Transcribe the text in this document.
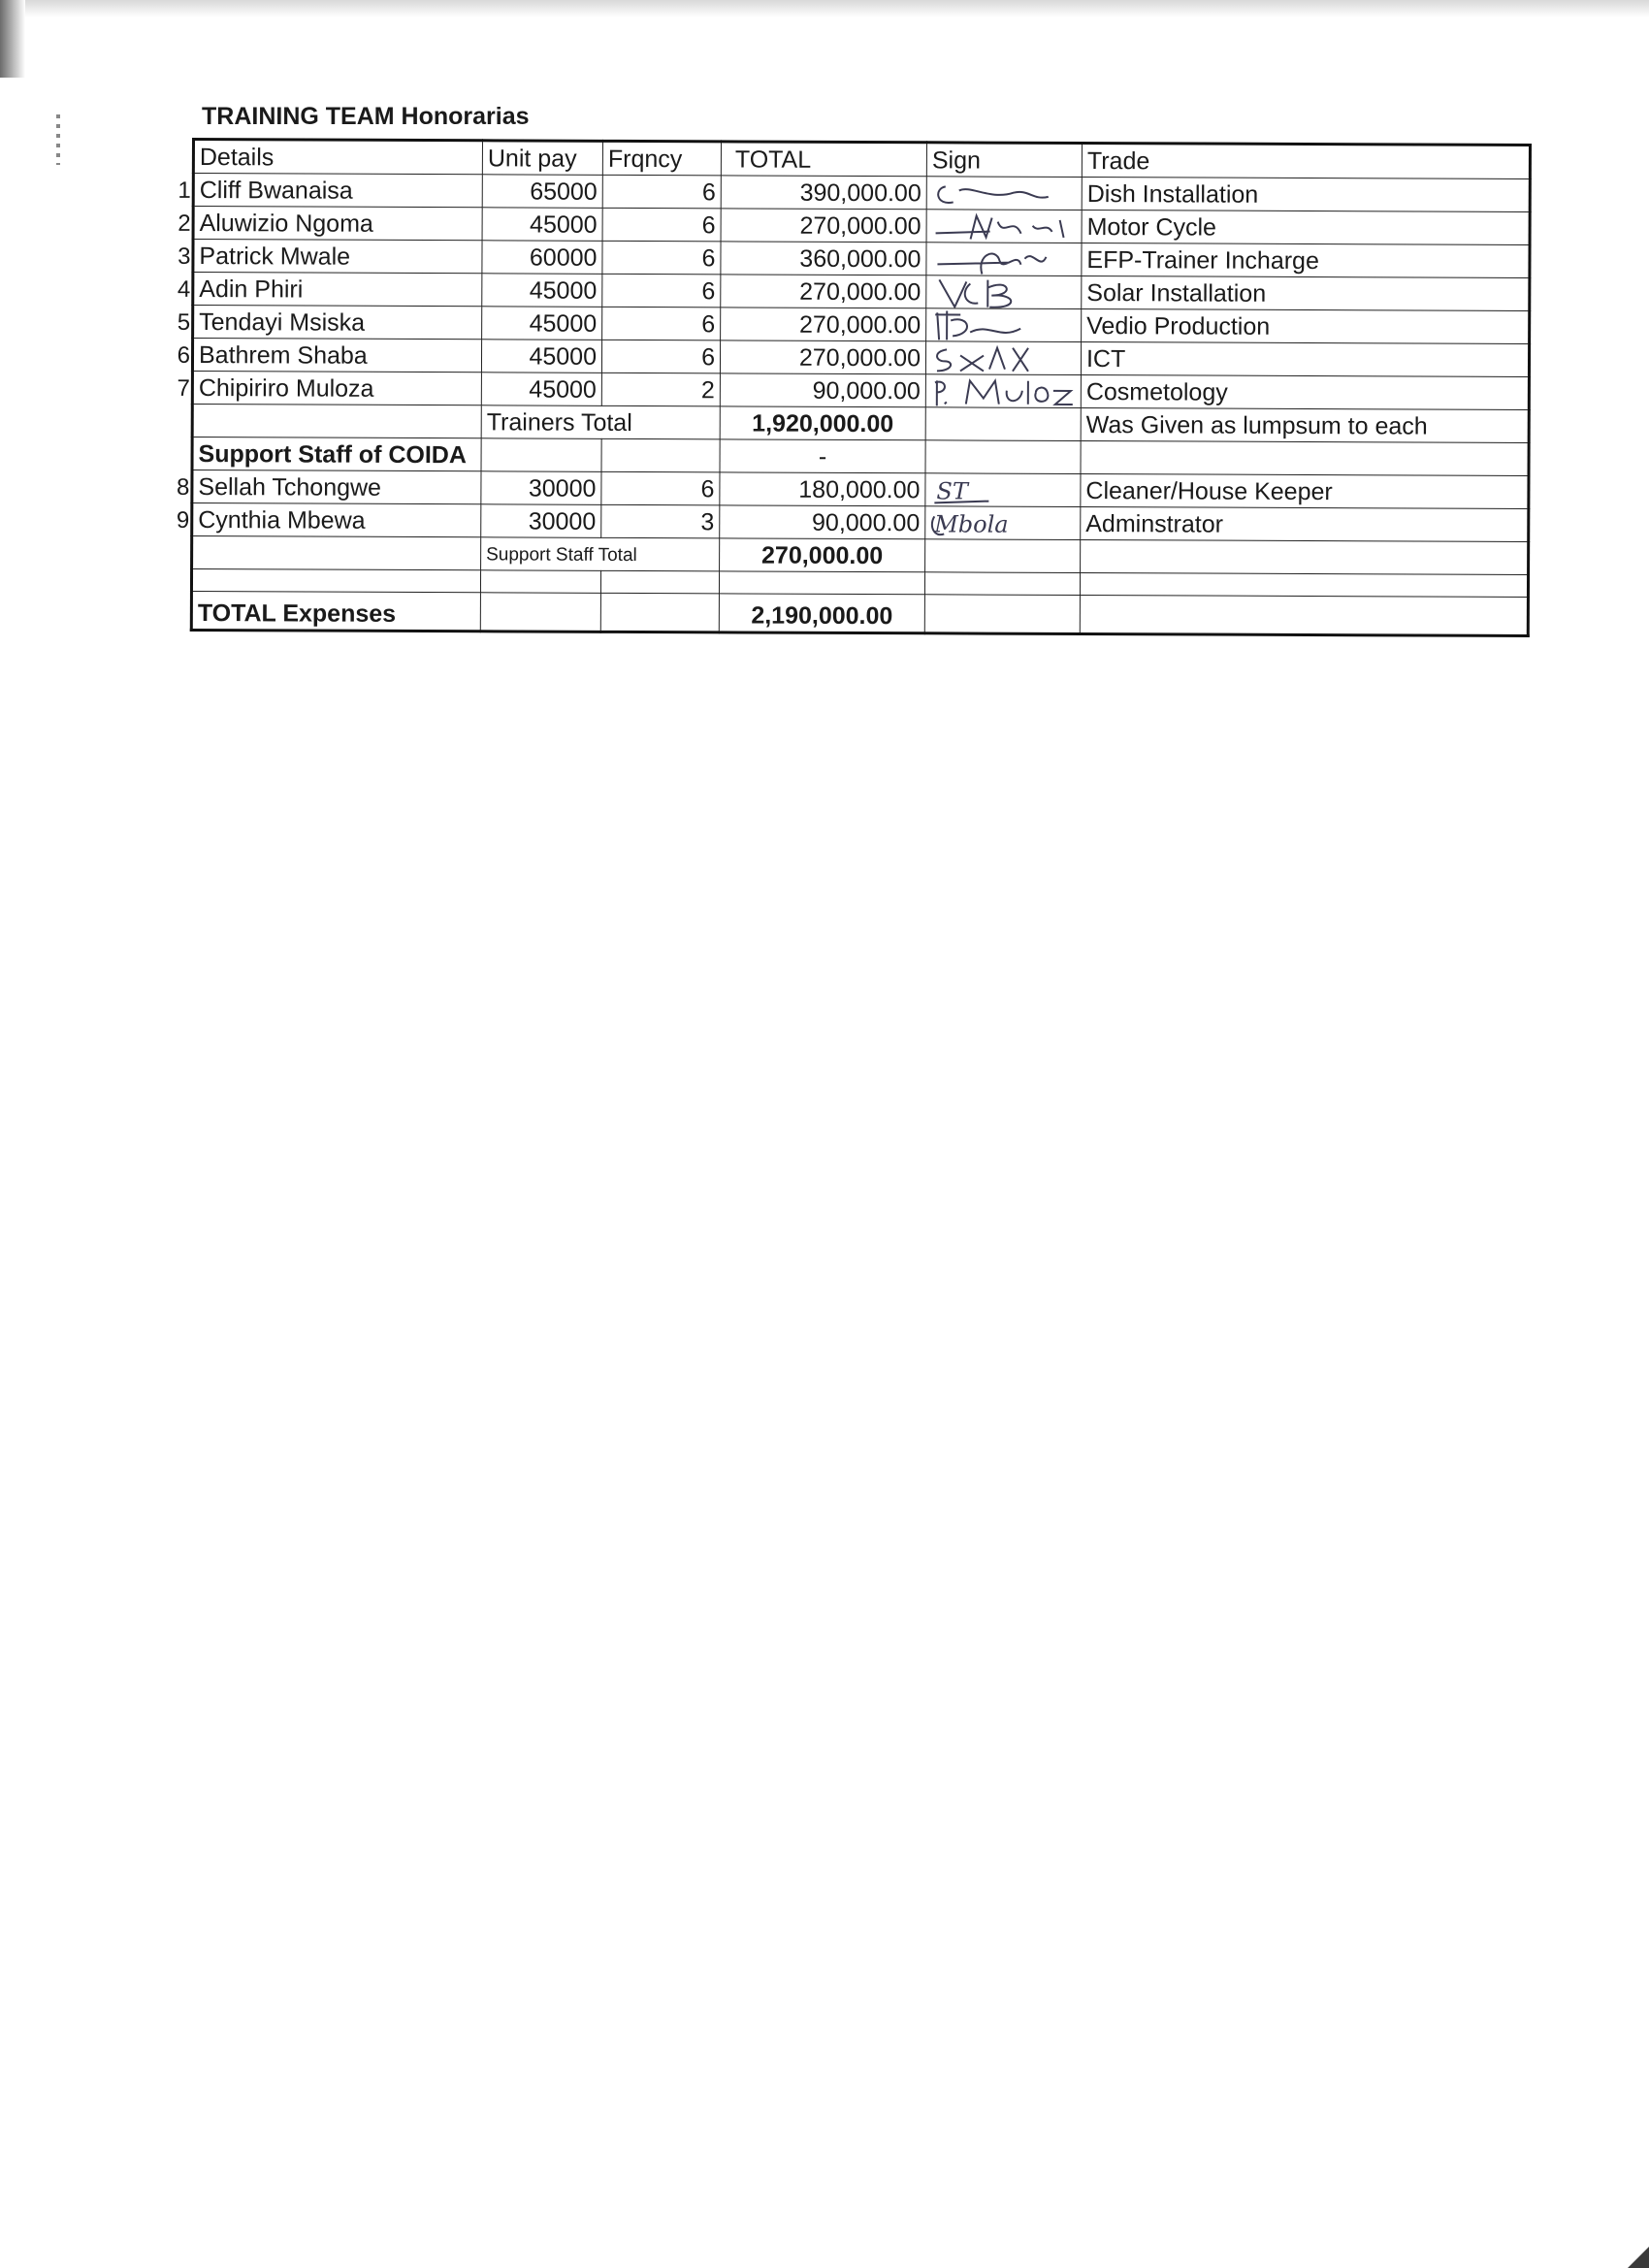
TRAINING TEAM Honorarias
Details	Unit pay	Frqncy	TOTAL	Sign	Trade

1 Cliff Bwanaisa	65000	6	390,000.00		Dish Installation

2 Aluwizio Ngoma	45000	6	270,000.00		Motor Cycle

3 Patrick Mwale	60000	6	360,000.00		EFP-Trainer Incharge

4 Adin Phiri	45000	6	270,000.00		Solar Installation

5 Tendayi Msiska	45000	6	270,000.00		Vedio Production

6 Bathrem Shaba	45000	6	270,000.00		ICT

7 Chipiriro Muloza	45000	2	90,000.00		Cosmetology
	Trainers Total		1,920,000.00		Was Given as lumpsum to each
Support Staff of COIDA			-		

8 Sellah Tchongwe	30000	6	180,000.00	ST	Cleaner/House Keeper

9 Cynthia Mbewa	30000	3	90,000.00	Mbola	Adminstrator
	Support Staff Total		270,000.00		

TOTAL Expenses			2,190,000.00		
